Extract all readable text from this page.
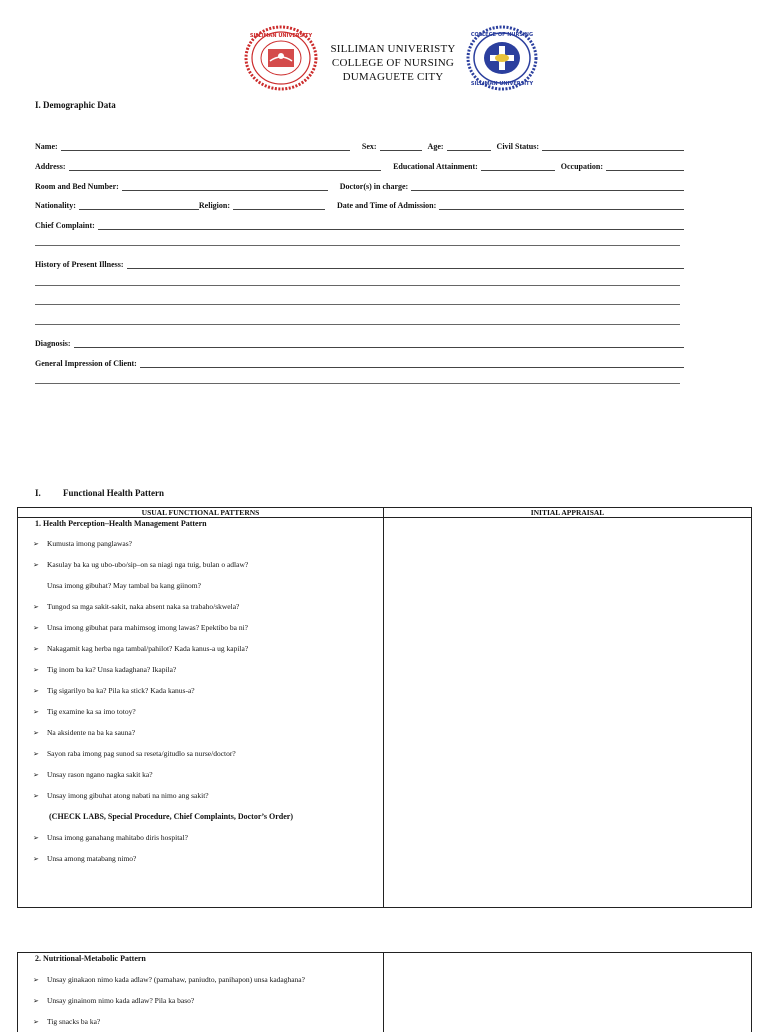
SILLIMAN UNIVERSITY
SILLIMAN UNIVERISTY
COLLEGE OF NURSING
DUMAGUETE CITY
COLLEGE OF NURSING
SILLIMAN UNIVERSITY
I. Demographic Data
Name:	Sex:	Age:	Civil Status:
Address:	Educational Attainment:	Occupation:
Room and Bed Number:	Doctor(s) in charge:
Nationality:	Religion:	Date and Time of Admission:
Chief Complaint:
History of Present Illness:
Diagnosis:
General Impression of Client:
I. Functional Health Pattern
USUAL FUNCTIONAL PATTERNS	INITIAL APPRAISAL
1. Health Perception–Health Management Pattern
➢ Kumusta imong panglawas?
➢ Kasulay ba ka ug ubo-ubo/sip–on sa niagi nga tuig, bulan o adlaw?
Unsa imong gibuhat? May tambal ba kang giinom?
➢ Tungod sa mga sakit-sakit, naka absent naka sa trabaho/skwela?
➢ Unsa imong gibuhat para mahimsog imong lawas? Epektibo ba ni?
➢ Nakagamit kag herba nga tambal/pahilot? Kada kanus-a ug kapila?
➢ Tig inom ba ka? Unsa kadaghana? Ikapila?
➢ Tig sigarilyo ba ka? Pila ka stick? Kada kanus-a?
➢ Tig examine ka sa imo totoy?
➢ Na aksidente na ba ka sauna?
➢ Sayon raba imong pag sunod sa reseta/gitudlo sa nurse/doctor?
➢ Unsay rason ngano nagka sakit ka?
➢ Unsay imong gibuhat atong nabati na nimo ang sakit?
(CHECK LABS, Special Procedure, Chief Complaints, Doctor’s Order)
➢ Unsa imong ganahang mahitabo diris hospital?
➢ Unsa among matabang nimo?
2. Nutritional-Metabolic Pattern
➢ Unsay ginakaon nimo kada adlaw? (pamahaw, paniudto, panihapon) unsa kadaghana?
➢ Unsay ginainom nimo kada adlaw? Pila ka baso?
➢ Tig snacks ba ka?
